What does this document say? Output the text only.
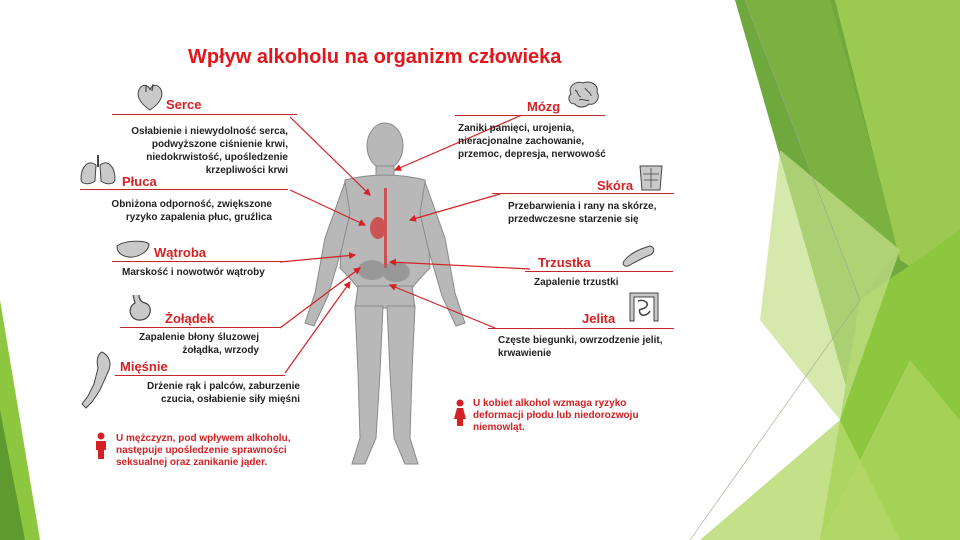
Wpływ alkoholu na organizm człowieka
Serce
Osłabienie i niewydolność serca,
podwyższone ciśnienie krwi,
niedokrwistość, upośledzenie
krzepliwości krwi
Płuca
Obniżona odporność, zwiększone
ryzyko zapalenia płuc, gruźlica
Wątroba
Marskość i nowotwór wątroby
Żołądek
Zapalenie błony śluzowej
żołądka, wrzody
Mięśnie
Drżenie rąk i palców, zaburzenie
czucia, osłabienie siły mięśni
U mężczyzn, pod wpływem alkoholu,
następuje upośledzenie sprawności
seksualnej oraz zanikanie jąder.
Mózg
Zaniki pamięci, urojenia,
nieracjonalne zachowanie,
przemoc, depresja, nerwowość
Skóra
Przebarwienia i rany na skórze,
przedwczesne starzenie się
Trzustka
Zapalenie trzustki
Jelita
Częste biegunki, owrzodzenie jelit,
krwawienie
U kobiet alkohol wzmaga ryzyko
deformacji płodu lub niedorozwoju
niemowląt.
